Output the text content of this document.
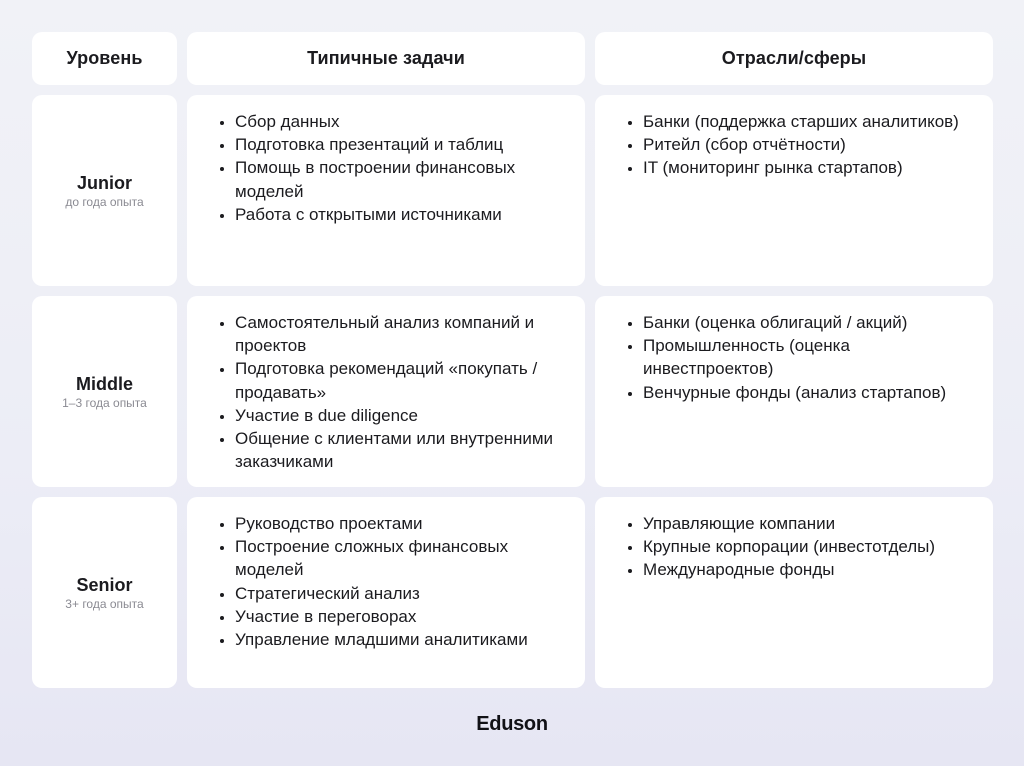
Уровень	Типичные задачи	Отрасли/сферы
Junior
до года опыта
• Сбор данных
• Подготовка презентаций и таблиц
• Помощь в построении финансовых моделей
• Работа с открытыми источниками
• Банки (поддержка старших аналитиков)
• Ритейл (сбор отчётности)
• IT (мониторинг рынка стартапов)
Middle
1–3 года опыта
• Самостоятельный анализ компаний и проектов
• Подготовка рекомендаций «покупать / продавать»
• Участие в due diligence
• Общение с клиентами или внутренними заказчиками
• Банки (оценка облигаций / акций)
• Промышленность (оценка инвестпроектов)
• Венчурные фонды (анализ стартапов)
Senior
3+ года опыта
• Руководство проектами
• Построение сложных финансовых моделей
• Стратегический анализ
• Участие в переговорах
• Управление младшими аналитиками
• Управляющие компании
• Крупные корпорации (инвестотделы)
• Международные фонды
Eduson
